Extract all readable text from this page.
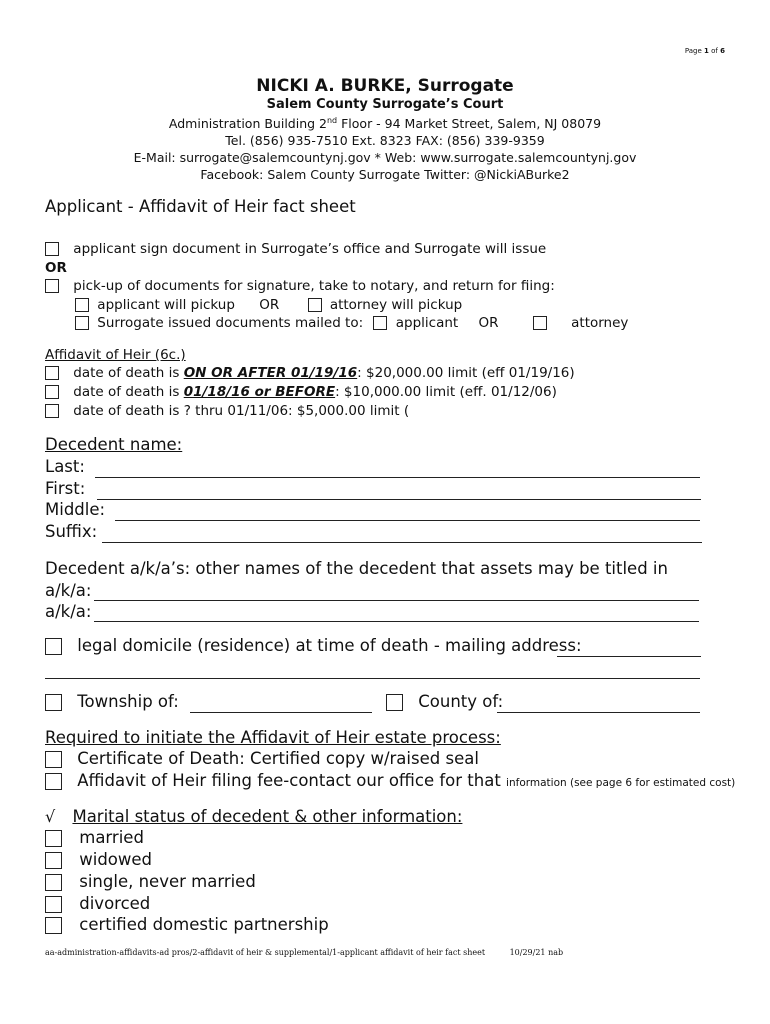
Page 1 of 6
NICKI A. BURKE, Surrogate
Salem County Surrogate’s Court
Administration Building 2nd Floor - 94 Market Street, Salem, NJ 08079
Tel. (856) 935-7510 Ext. 8323 FAX: (856) 339-9359
E-Mail: surrogate@salemcountynj.gov * Web: www.surrogate.salemcountynj.gov
Facebook: Salem County Surrogate Twitter: @NickiABurke2
Applicant - Affidavit of Heir fact sheet
applicant sign document in Surrogate’s office and Surrogate will issue
OR
pick-up of documents for signature, take to notary, and return for fiing:
applicant will pickup OR	attorney will pickup
Surrogate issued documents mailed to: applicant OR	attorney
Affidavit of Heir (6c.)
date of death is ON OR AFTER 01/19/16: $20,000.00 limit (eff 01/19/16)
date of death is 01/18/16 or BEFORE: $10,000.00 limit (eff. 01/12/06)
date of death is ? thru 01/11/06: $5,000.00 limit (
Decedent name:
Last:
First:
Middle:
Suffix:
Decedent a/k/a’s: other names of the decedent that assets may be titled in
a/k/a:
a/k/a:
legal domicile (residence) at time of death - mailing address:
Township of:	County of:
Required to initiate the Affidavit of Heir estate process:
Certificate of Death: Certified copy w/raised seal
Affidavit of Heir filing fee-contact our office for that information (see page 6 for estimated cost)
√ Marital status of decedent & other information:
married
widowed
single, never married
divorced
certified domestic partnership
aa-administration-affidavits-ad pros/2-affidavit of heir & supplemental/1-applicant affidavit of heir fact sheet	10/29/21 nab
